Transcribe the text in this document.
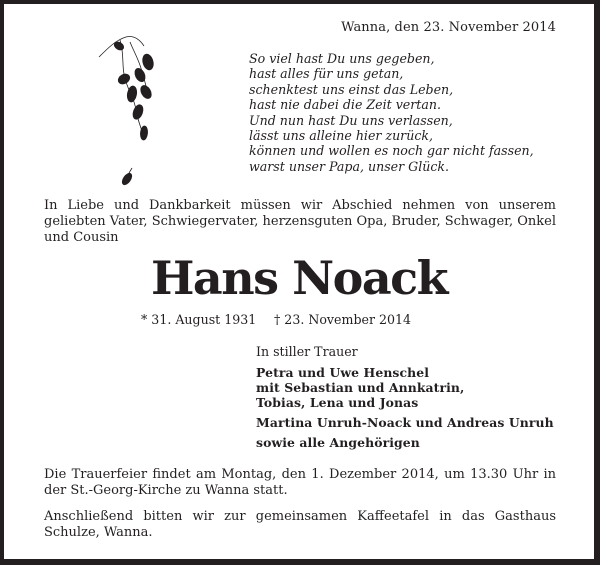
Wanna, den 23. November 2014
So viel hast Du uns gegeben,
hast alles für uns getan,
schenktest uns einst das Leben,
hast nie dabei die Zeit vertan.
Und nun hast Du uns verlassen,
lässt uns alleine hier zurück,
können und wollen es noch gar nicht fassen,
warst unser Papa, unser Glück.
In Liebe und Dankbarkeit müssen wir Abschied nehmen von unserem geliebten Vater, Schwiegervater, herzensguten Opa, Bruder, Schwager, Onkel und Cousin
Hans Noack
* 31. August 1931 † 23. November 2014
In stiller Trauer
Petra und Uwe Henschel
mit Sebastian und Annkatrin,
Tobias, Lena und Jonas
Martina Unruh-Noack und Andreas Unruh
sowie alle Angehörigen
Die Trauerfeier findet am Montag, den 1. Dezember 2014, um 13.30 Uhr in der St.-Georg-Kirche zu Wanna statt.
Anschließend bitten wir zur gemeinsamen Kaffeetafel in das Gasthaus Schulze, Wanna.
